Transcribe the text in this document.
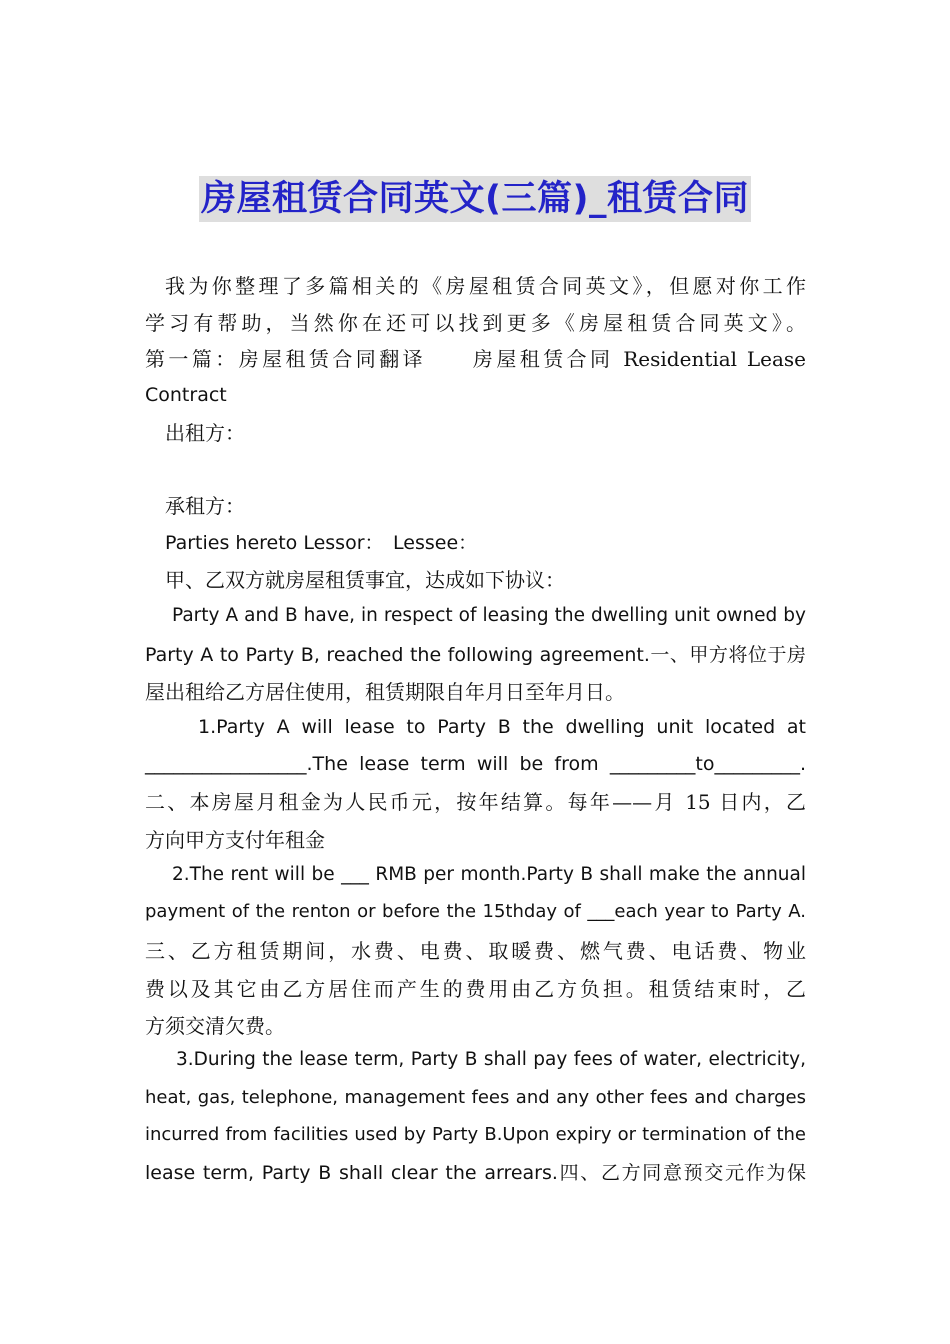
房屋租赁合同英文(三篇)_租赁合同
我为你整理了多篇相关的《房屋租赁合同英文》，但愿对你工作
学习有帮助，当然你在还可以找到更多《房屋租赁合同英文》。
第一篇：房屋租赁合同翻译　　房屋租赁合同 Residential Lease
Contract
出租方：
承租方：
Parties hereto Lessor：　Lessee：
甲、乙双方就房屋租赁事宜，达成如下协议：
Party A and B have, in respect of leasing the dwelling unit owned by
Party A to Party B, reached the following agreement.一、甲方将位于房
屋出租给乙方居住使用，租赁期限自年月日至年月日。
1.Party A will lease to Party B the dwelling unit located at
_________________.The lease term will be from _________to_________.
二、本房屋月租金为人民币元，按年结算。每年——月 15 日内，乙
方向甲方支付年租金
2.The rent will be ___ RMB per month.Party B shall make the annual
payment of the renton or before the 15thday of ___each year to Party A.
三、乙方租赁期间，水费、电费、取暖费、燃气费、电话费、物业
费以及其它由乙方居住而产生的费用由乙方负担。租赁结束时，乙
方须交清欠费。
3.During the lease term, Party B shall pay fees of water, electricity,
heat, gas, telephone, management fees and any other fees and charges
incurred from facilities used by Party B.Upon expiry or termination of the
lease term, Party B shall clear the arrears.四、乙方同意预交元作为保
